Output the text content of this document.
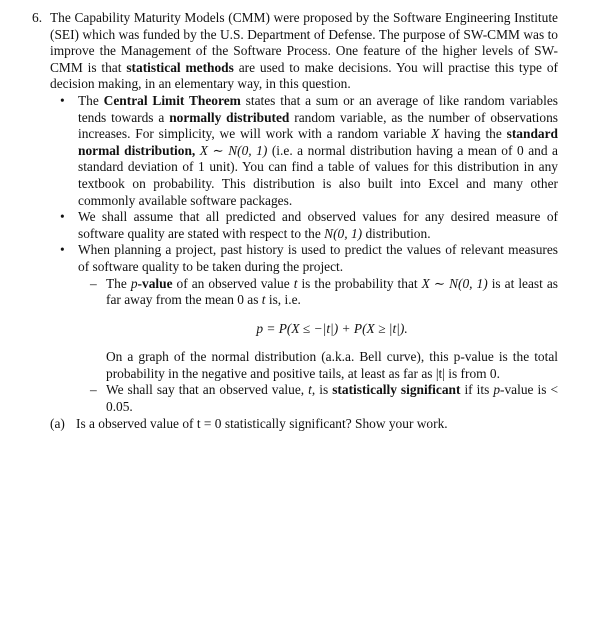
6. The Capability Maturity Models (CMM) were proposed by the Software Engineering Institute (SEI) which was funded by the U.S. Department of Defense. The purpose of SW-CMM was to improve the Management of the Software Process. One feature of the higher levels of SW-CMM is that statistical methods are used to make decisions. You will practise this type of decision making, in an elementary way, in this question.

• The Central Limit Theorem states that a sum or an average of like random variables tends towards a normally distributed random variable, as the number of observations increases. For simplicity, we will work with a random variable X having the standard normal distribution, X ∼ N(0, 1) (i.e. a normal distribution having a mean of 0 and a standard deviation of 1 unit). You can find a table of values for this distribution in any textbook on probability. This distribution is also built into Excel and many other commonly available software packages.
• We shall assume that all predicted and observed values for any desired measure of software quality are stated with respect to the N(0, 1) distribution.
• When planning a project, past history is used to predict the values of relevant measures of software quality to be taken during the project.
– The p-value of an observed value t is the probability that X ∼ N(0, 1) is at least as far away from the mean 0 as t is, i.e.
p = P(X ≤ −|t|) + P(X ≥ |t|).

On a graph of the normal distribution (a.k.a. Bell curve), this p-value is the total probability in the negative and positive tails, at least as far as |t| is from 0.

– We shall say that an observed value, t, is statistically significant if its p-value is < 0.05.
(a) Is a observed value of t = 0 statistically significant? Show your work.
